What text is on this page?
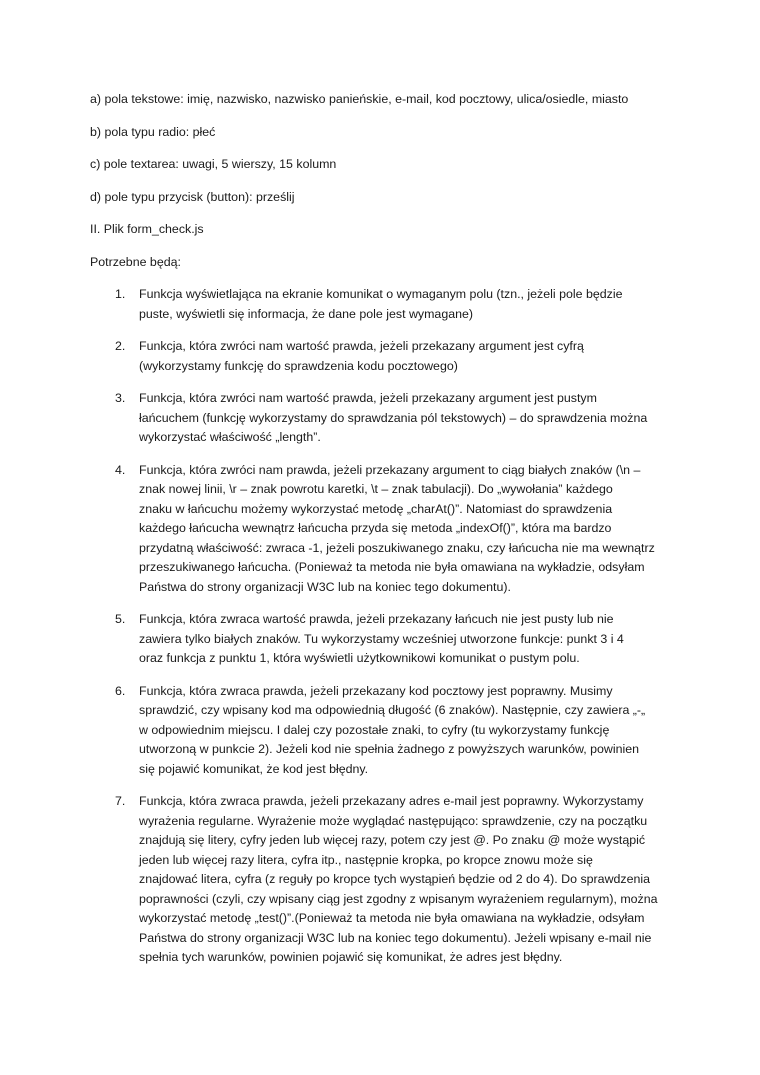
a) pola tekstowe: imię, nazwisko, nazwisko panieńskie, e-mail, kod pocztowy, ulica/osiedle, miasto

b) pola typu radio: płeć

c) pole textarea: uwagi, 5 wierszy, 15 kolumn

d) pole typu przycisk (button): prześlij

II. Plik form_check.js

Potrzebne będą:

1. Funkcja wyświetlająca na ekranie komunikat o wymaganym polu (tzn., jeżeli pole będzie
puste, wyświetli się informacja, że dane pole jest wymagane)
2. Funkcja, która zwróci nam wartość prawda, jeżeli przekazany argument jest cyfrą
(wykorzystamy funkcję do sprawdzenia kodu pocztowego)
3. Funkcja, która zwróci nam wartość prawda, jeżeli przekazany argument jest pustym
łańcuchem (funkcję wykorzystamy do sprawdzania pól tekstowych) – do sprawdzenia można
wykorzystać właściwość „length”.
4. Funkcja, która zwróci nam prawda, jeżeli przekazany argument to ciąg białych znaków (\n –
znak nowej linii, \r – znak powrotu karetki, \t – znak tabulacji). Do „wywołania” każdego
znaku w łańcuchu możemy wykorzystać metodę „charAt()”. Natomiast do sprawdzenia
każdego łańcucha wewnątrz łańcucha przyda się metoda „indexOf()”, która ma bardzo
przydatną właściwość: zwraca -1, jeżeli poszukiwanego znaku, czy łańcucha nie ma wewnątrz
przeszukiwanego łańcucha. (Ponieważ ta metoda nie była omawiana na wykładzie, odsyłam
Państwa do strony organizacji W3C lub na koniec tego dokumentu).
5. Funkcja, która zwraca wartość prawda, jeżeli przekazany łańcuch nie jest pusty lub nie
zawiera tylko białych znaków. Tu wykorzystamy wcześniej utworzone funkcje: punkt 3 i 4
oraz funkcja z punktu 1, która wyświetli użytkownikowi komunikat o pustym polu.
6. Funkcja, która zwraca prawda, jeżeli przekazany kod pocztowy jest poprawny. Musimy
sprawdzić, czy wpisany kod ma odpowiednią długość (6 znaków). Następnie, czy zawiera „-„
w odpowiednim miejscu. I dalej czy pozostałe znaki, to cyfry (tu wykorzystamy funkcję
utworzoną w punkcie 2). Jeżeli kod nie spełnia żadnego z powyższych warunków, powinien
się pojawić komunikat, że kod jest błędny.
7. Funkcja, która zwraca prawda, jeżeli przekazany adres e-mail jest poprawny. Wykorzystamy
wyrażenia regularne. Wyrażenie może wyglądać następująco: sprawdzenie, czy na początku
znajdują się litery, cyfry jeden lub więcej razy, potem czy jest @. Po znaku @ może wystąpić
jeden lub więcej razy litera, cyfra itp., następnie kropka, po kropce znowu może się
znajdować litera, cyfra (z reguły po kropce tych wystąpień będzie od 2 do 4). Do sprawdzenia
poprawności (czyli, czy wpisany ciąg jest zgodny z wpisanym wyrażeniem regularnym), można
wykorzystać metodę „test()”.(Ponieważ ta metoda nie była omawiana na wykładzie, odsyłam
Państwa do strony organizacji W3C lub na koniec tego dokumentu). Jeżeli wpisany e-mail nie
spełnia tych warunków, powinien pojawić się komunikat, że adres jest błędny.
